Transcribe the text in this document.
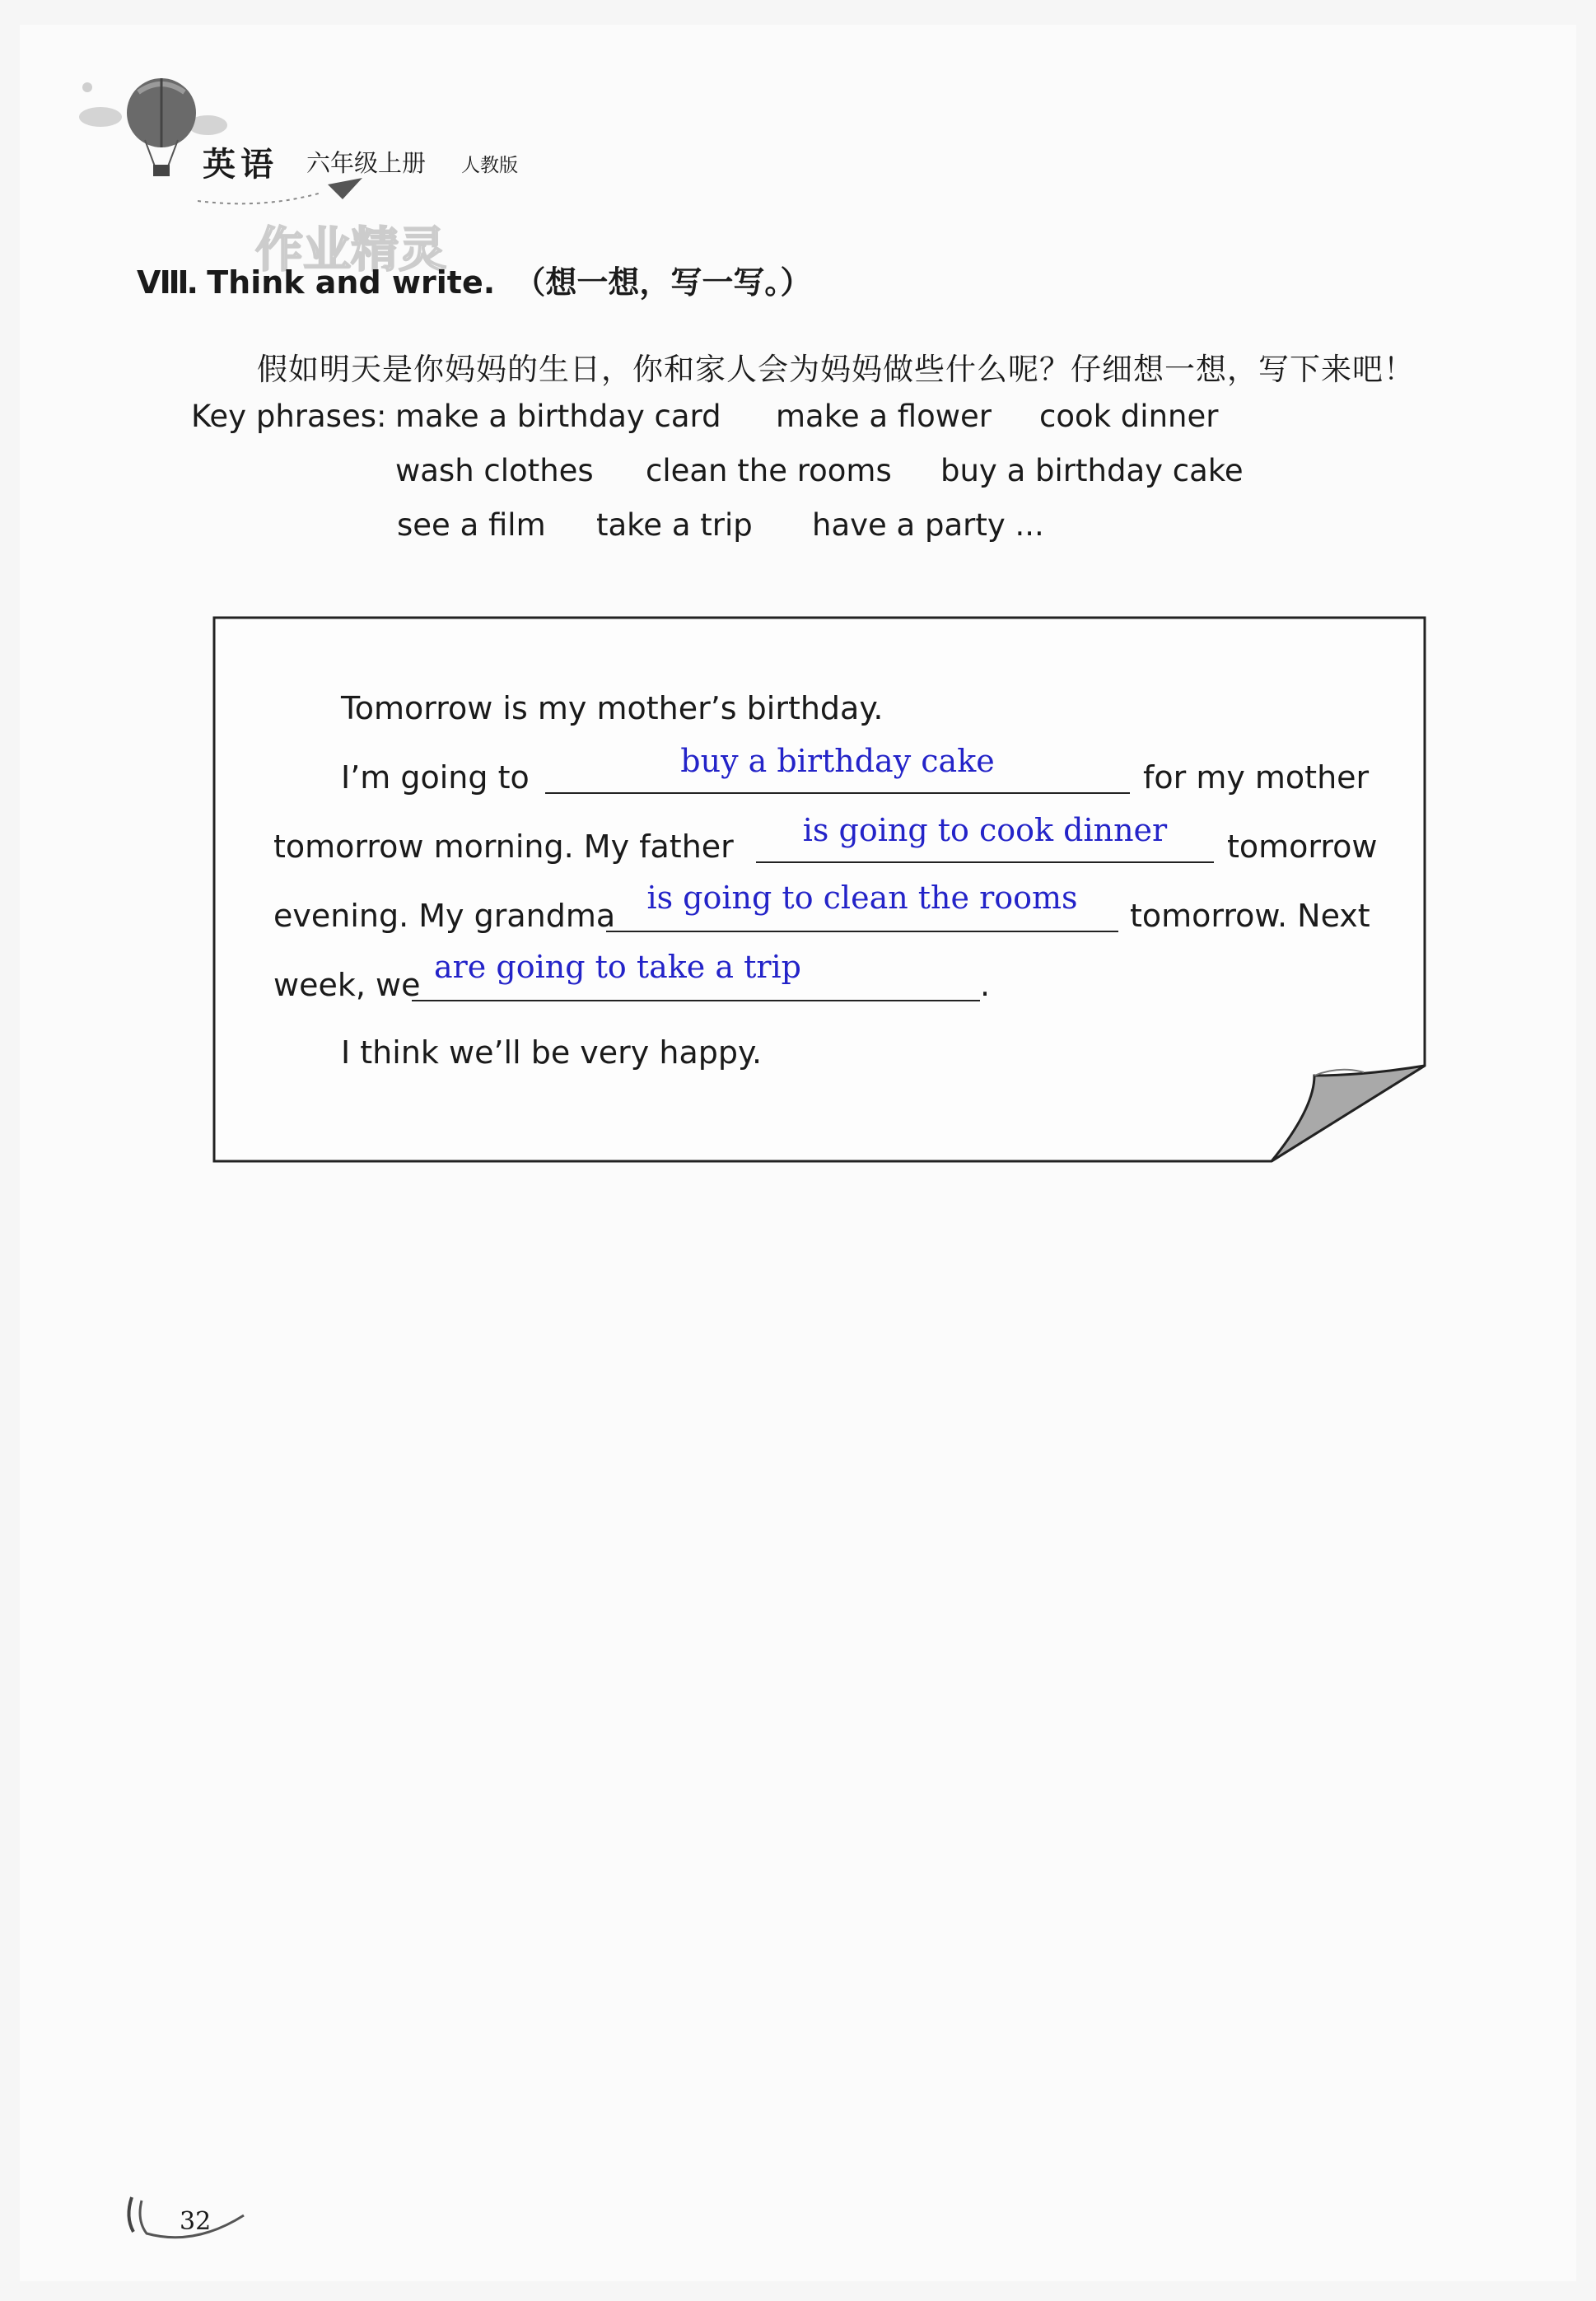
英语 六年级上册 人教版
作业精灵
Ⅷ. Think and write. （想一想，写一写。）
假如明天是你妈妈的生日，你和家人会为妈妈做些什么呢？仔细想一想，写下来吧！
Key phrases: make a birthday card make a flower cook dinner
wash clothes clean the rooms buy a birthday cake
see a film take a trip have a party ...
Tomorrow is my mother’s birthday.
I’m going to	buy a birthday cake	for my mother
tomorrow morning. My father	is going to cook dinner	tomorrow
evening. My grandma	is going to clean the rooms	tomorrow. Next
week, we are going to take a trip	.
I think we’ll be very happy.
32
